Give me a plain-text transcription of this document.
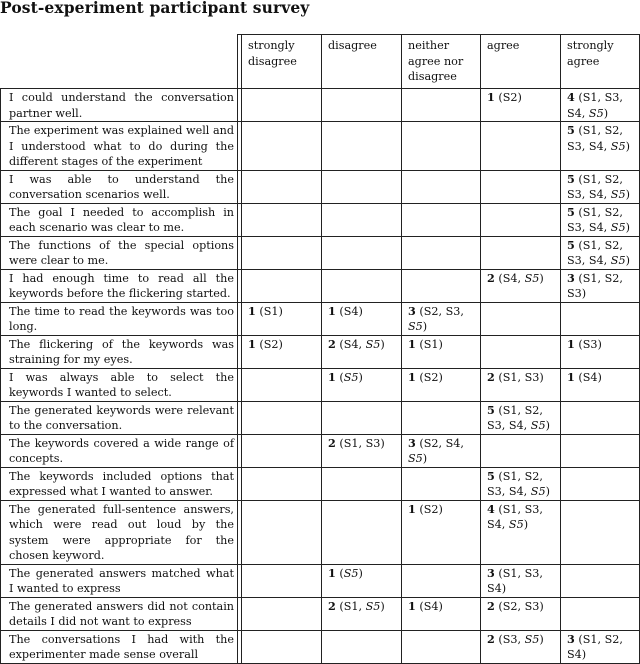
Post-experiment participant survey
		strongly disagree	disagree	neither agree nor disagree	agree	strongly agree
I could understand the conversation partner well.					1 (S2)	4 (S1, S3, S4, S5)
The experiment was explained well and I understood what to do during the different stages of the experiment						5 (S1, S2, S3, S4, S5)
I was able to understand the conversation scenarios well.						5 (S1, S2, S3, S4, S5)
The goal I needed to accomplish in each scenario was clear to me.						5 (S1, S2, S3, S4, S5)
The functions of the special options were clear to me.						5 (S1, S2, S3, S4, S5)
I had enough time to read all the keywords before the flickering started.					2 (S4, S5)	3 (S1, S2, S3)
The time to read the keywords was too long.		1 (S1)	1 (S4)	3 (S2, S3, S5)		
The flickering of the keywords was straining for my eyes.		1 (S2)	2 (S4, S5)	1 (S1)		1 (S3)
I was always able to select the keywords I wanted to select.			1 (S5)	1 (S2)	2 (S1, S3)	1 (S4)
The generated keywords were relevant to the conversation.					5 (S1, S2, S3, S4, S5)	
The keywords covered a wide range of concepts.			2 (S1, S3)	3 (S2, S4, S5)		
The keywords included options that expressed what I wanted to answer.					5 (S1, S2, S3, S4, S5)	
The generated full-sentence answers, which were read out loud by the system were appropriate for the chosen keyword.				1 (S2)	4 (S1, S3, S4, S5)	
The generated answers matched what I wanted to express			1 (S5)		3 (S1, S3, S4)	
The generated answers did not contain details I did not want to express			2 (S1, S5)	1 (S4)	2 (S2, S3)	
The conversations I had with the experimenter made sense overall					2 (S3, S5)	3 (S1, S2, S4)
